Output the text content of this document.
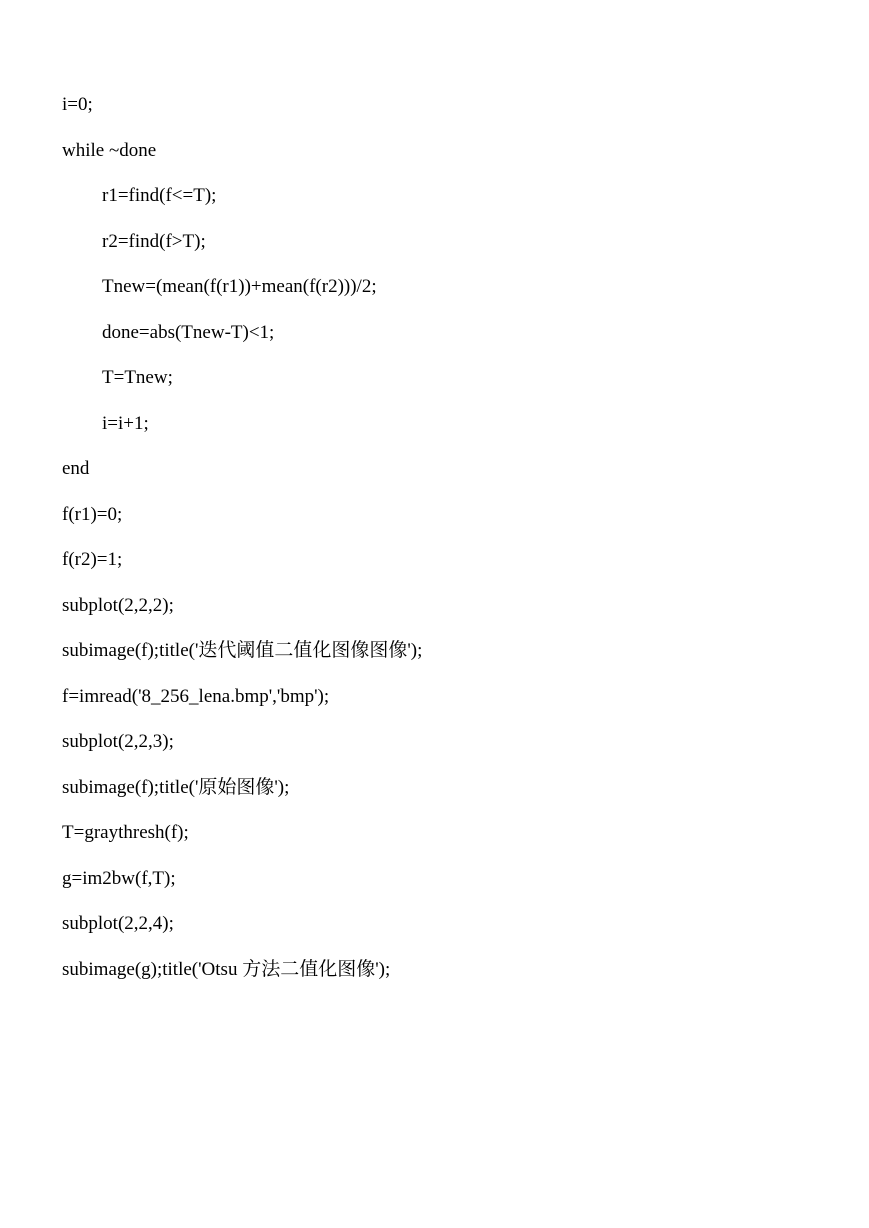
i=0;
while ~done
r1=find(f<=T);
r2=find(f>T);
Tnew=(mean(f(r1))+mean(f(r2)))/2;
done=abs(Tnew-T)<1;
T=Tnew;
i=i+1;
end
f(r1)=0;
f(r2)=1;
subplot(2,2,2);
subimage(f);title('迭代阈值二值化图像图像');
f=imread('8_256_lena.bmp','bmp');
subplot(2,2,3);
subimage(f);title('原始图像');
T=graythresh(f);
g=im2bw(f,T);
subplot(2,2,4);
subimage(g);title('Otsu 方法二值化图像');
